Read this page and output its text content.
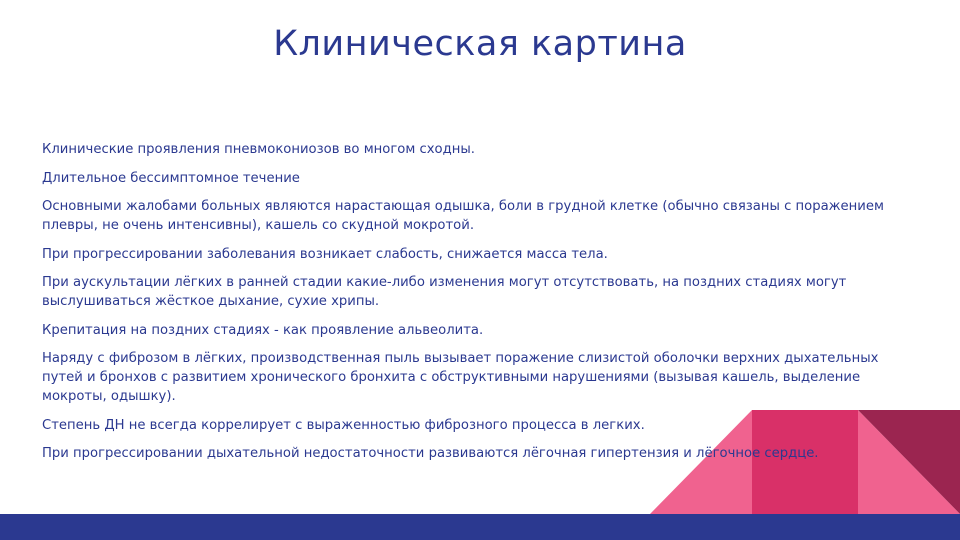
Клиническая картина
Клинические проявления пневмокониозов во многом сходны.
Длительное бессимптомное течение
Основными жалобами больных являются нарастающая одышка, боли в грудной клетке (обычно связаны с поражением плевры, не очень интенсивны), кашель со скудной мокротой.
При прогрессировании заболевания возникает слабость, снижается масса тела.
При аускультации лёгких в ранней стадии какие-либо изменения могут отсутствовать, на поздних стадиях могут выслушиваться жёсткое дыхание, сухие хрипы.
Крепитация на поздних стадиях - как проявление альвеолита.
Наряду с фиброзом в лёгких, производственная пыль вызывает поражение слизистой оболочки верхних дыхательных путей и бронхов с развитием хронического бронхита с обструктивными нарушениями (вызывая кашель, выделение мокроты, одышку).
Степень ДН не всегда коррелирует с выраженностью фиброзного процесса в легких.
При прогрессировании дыхательной недостаточности развиваются лёгочная гипертензия и лёгочное сердце.
